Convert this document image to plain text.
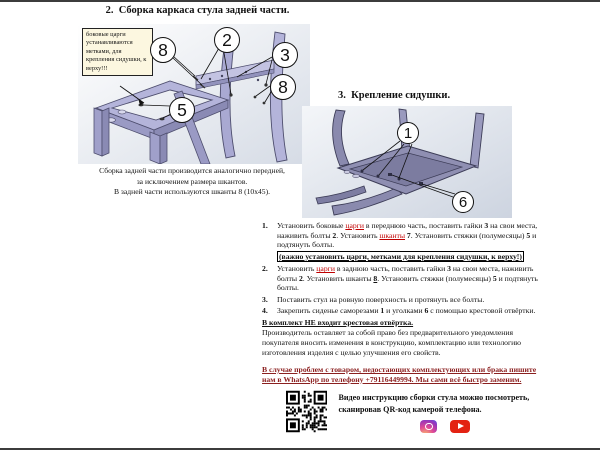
2.  Сборка каркаса стула задней части.
боковые царги устанавливаются метками, для крепления сидушки, к верху!!!
8	2
3
8
5
Сборка задней части производится аналогично передней,
за исключением размера шкантов.
В задней части используются шканты 8 (10х45).
3.  Крепление сидушки.
1
6
1.	Установить боковые царги в переднюю часть, поставить гайки 3 на свои места, наживить болты 2. Установить шканты 7. Установить стяжки (полумесяцы) 5 и подтянуть болты.
(важно установить царги, метками для крепления сидушки, к верху!)
2.	Установить царги в заднюю часть, поставить гайки 3 на свои места, наживить болты 2. Установить шканты 8. Установить стяжки (полумесяцы) 5 и подтянуть болты.
3.	Поставить стул на ровную поверхность и протянуть все болты.
4.	Закрепить сиденье саморезами 1 и уголками 6 с помощью крестовой отвёртки.
В комплект НЕ входит крестовая отвёртка.
Производитель оставляет за собой право без предварительного уведомления покупателя вносить изменения в конструкцию, комплектацию или технологию изготовления изделия с целью улучшения его свойств.
В случае проблем с товаром, недостающих комплектующих или брака пишите нам в WhatsApp по телефону +79116449994. Мы сами всё быстро заменим.
Видео инструкцию сборки стула можно посмотреть, сканировав QR-код камерой телефона.
